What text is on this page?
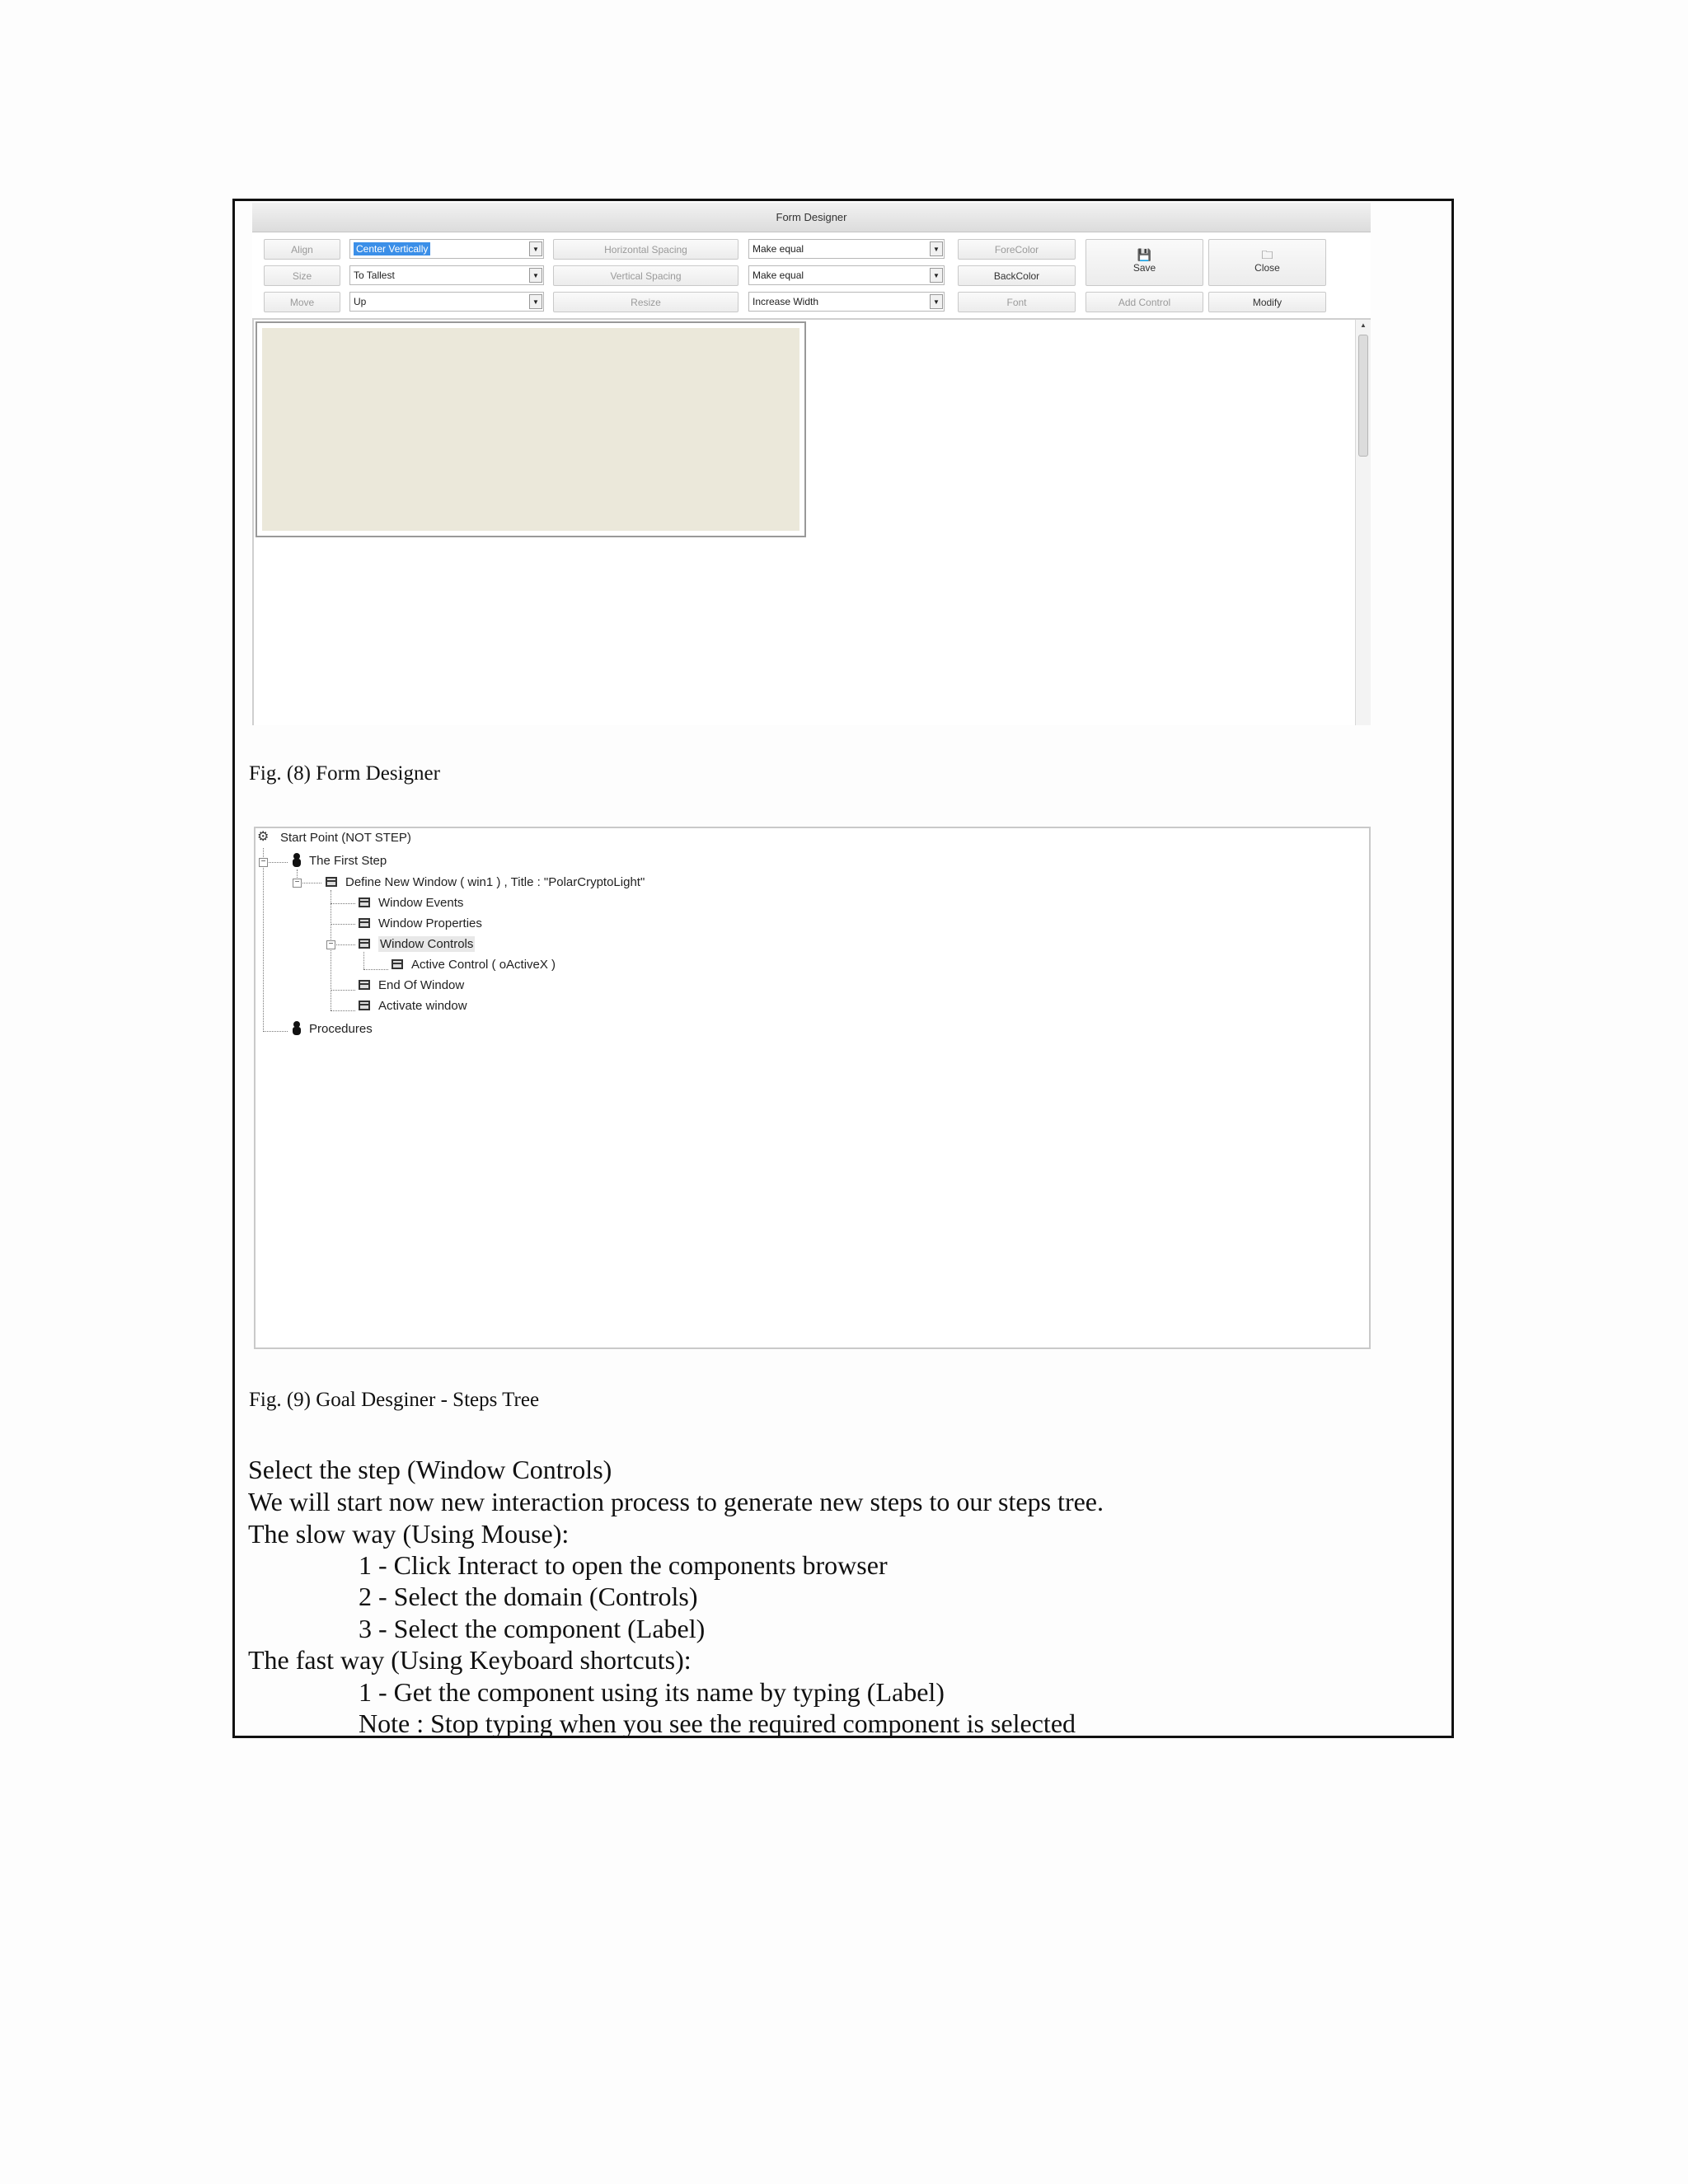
Form Designer
Align	Center Vertically	▼	Horizontal Spacing	Make equal	▼	ForeColor
Size	To Tallest	▼	Vertical Spacing	Make equal	▼	BackColor
Move	Up	▼	Resize	Increase Width	▼	Font
💾
Save
🗀
Close
Add Control	Modify
▲
Fig. (8) Form Designer
−
−
−
⚙ Start Point (NOT STEP)
The First Step
Define New Window ( win1 ) , Title : "PolarCryptoLight"
Window Events
Window Properties
Window Controls
Active Control ( oActiveX )
End Of Window
Activate window
Procedures
Fig. (9) Goal Desginer - Steps Tree
Select the step (Window Controls)
We will start now new interaction process to generate new steps to our steps tree.
The slow way (Using Mouse):
1 - Click Interact to open the components browser
2 - Select the domain (Controls)
3 - Select the component (Label)
The fast way (Using Keyboard shortcuts):
1 - Get the component using its name by typing (Label)
Note : Stop typing when you see the required component is selected
